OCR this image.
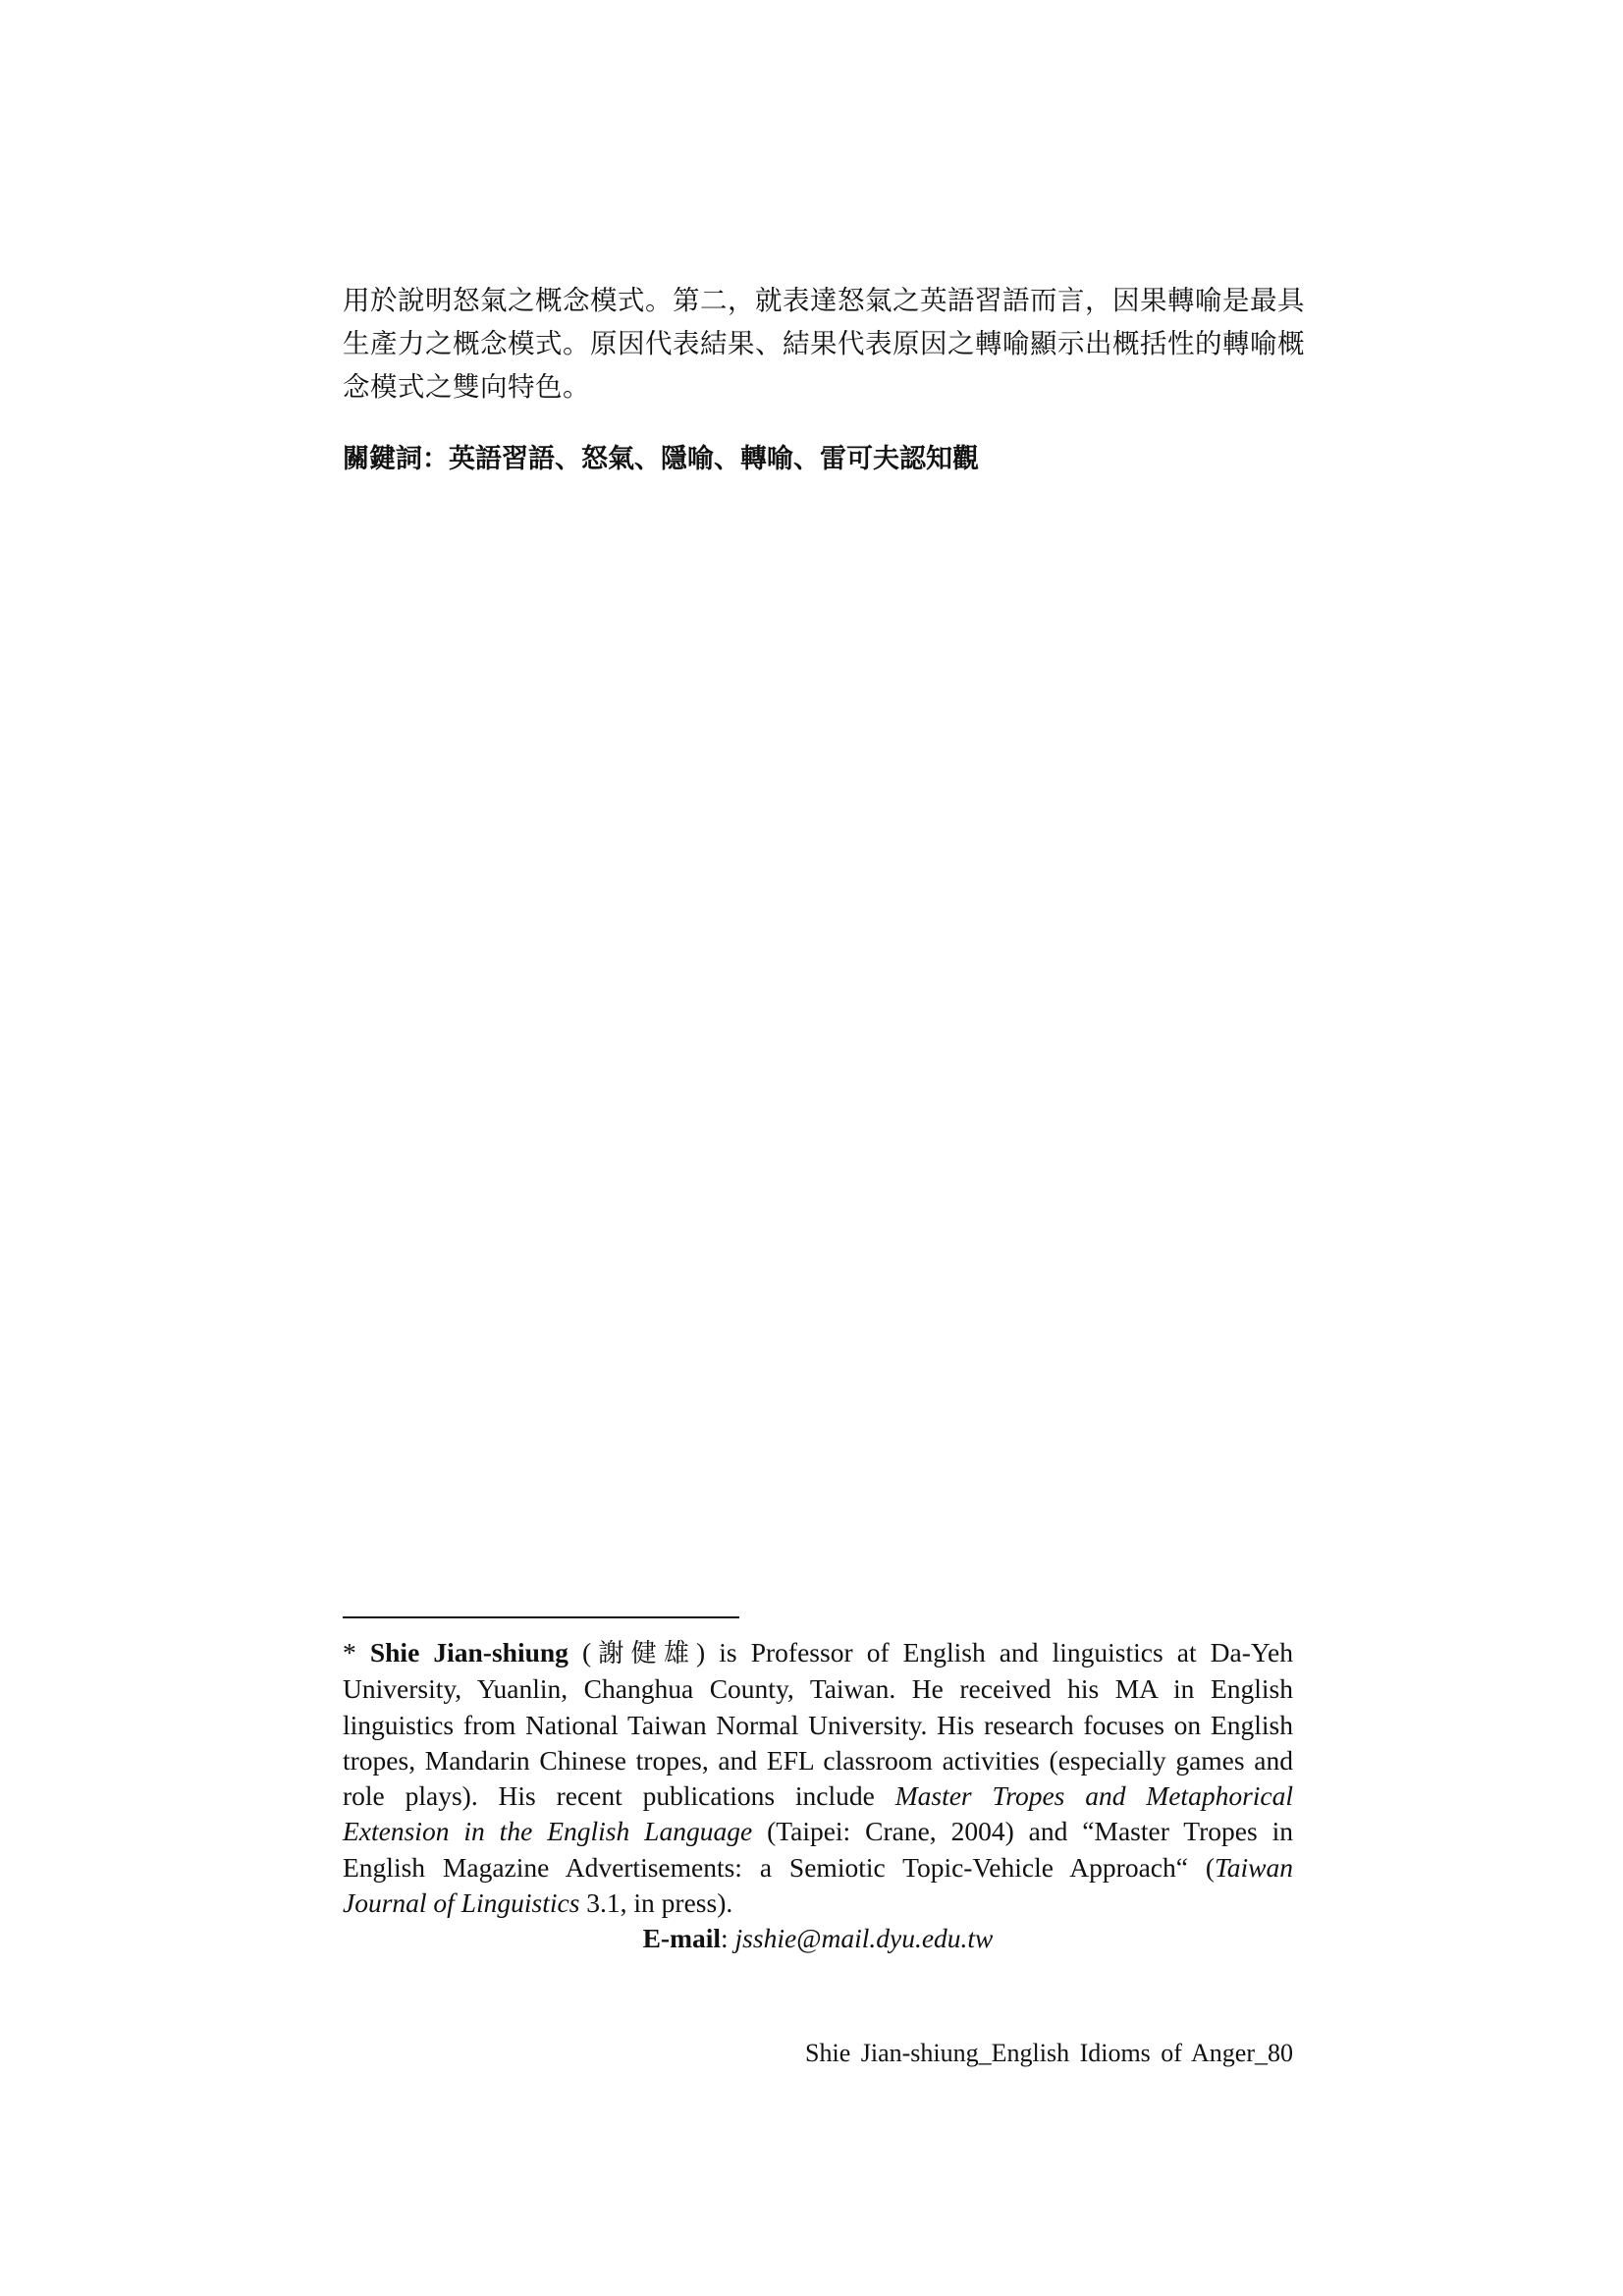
用於說明怒氣之概念模式。第二，就表達怒氣之英語習語而言，因果轉喻是最具
生產力之概念模式。原因代表結果、結果代表原因之轉喻顯示出概括性的轉喻概
念模式之雙向特色。
關鍵詞：英語習語、怒氣、隱喻、轉喻、雷可夫認知觀
* Shie Jian-shiung (謝健雄) is Professor of English and linguistics at Da-Yeh
University, Yuanlin, Changhua County, Taiwan. He received his MA in English
linguistics from National Taiwan Normal University. His research focuses on English
tropes, Mandarin Chinese tropes, and EFL classroom activities (especially games and
role plays). His recent publications include Master Tropes and Metaphorical
Extension in the English Language (Taipei: Crane, 2004) and “Master Tropes in
English Magazine Advertisements: a Semiotic Topic-Vehicle Approach“ (Taiwan
Journal of Linguistics 3.1, in press).
E-mail: jsshie@mail.dyu.edu.tw
Shie Jian-shiung_English Idioms of Anger_80
